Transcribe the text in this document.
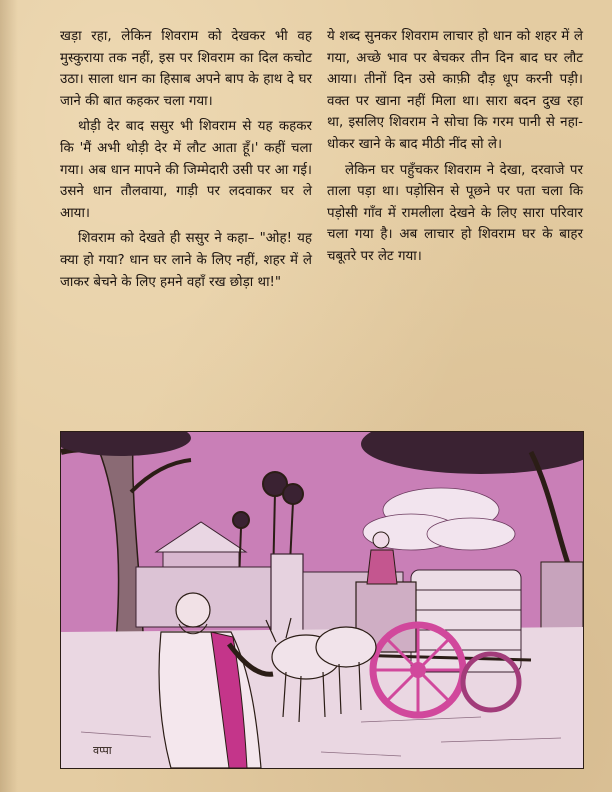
खड़ा रहा, लेकिन शिवराम को देखकर भी वह मुस्कुराया तक नहीं, इस पर शिवराम का दिल कचोट उठा। साला धान का हिसाब अपने बाप के हाथ दे घर जाने की बात कहकर चला गया।

थोड़ी देर बाद ससुर भी शिवराम से यह कहकर कि 'मैं अभी थोड़ी देर में लौट आता हूँ।' कहीं चला गया। अब धान मापने की जिम्मेदारी उसी पर आ गई। उसने धान तौलवाया, गाड़ी पर लदवाकर घर ले आया।

शिवराम को देखते ही ससुर ने कहा– "ओह! यह क्या हो गया? धान घर लाने के लिए नहीं, शहर में ले जाकर बेचने के लिए हमने वहाँ रख छोड़ा था!"

ये शब्द सुनकर शिवराम लाचार हो धान को शहर में ले गया, अच्छे भाव पर बेचकर तीन दिन बाद घर लौट आया। तीनों दिन उसे काफ़ी दौड़ धूप करनी पड़ी। वक्त पर खाना नहीं मिला था। सारा बदन दुख रहा था, इसलिए शिवराम ने सोचा कि गरम पानी से नहा-धोकर खाने के बाद मीठी नींद सो ले।

लेकिन घर पहुँचकर शिवराम ने देखा, दरवाजे पर ताला पड़ा था। पड़ोसिन से पूछने पर पता चला कि पड़ोसी गाँव में रामलीला देखने के लिए सारा परिवार चला गया है। अब लाचार हो शिवराम घर के बाहर चबूतरे पर लेट गया।

वप्पा
